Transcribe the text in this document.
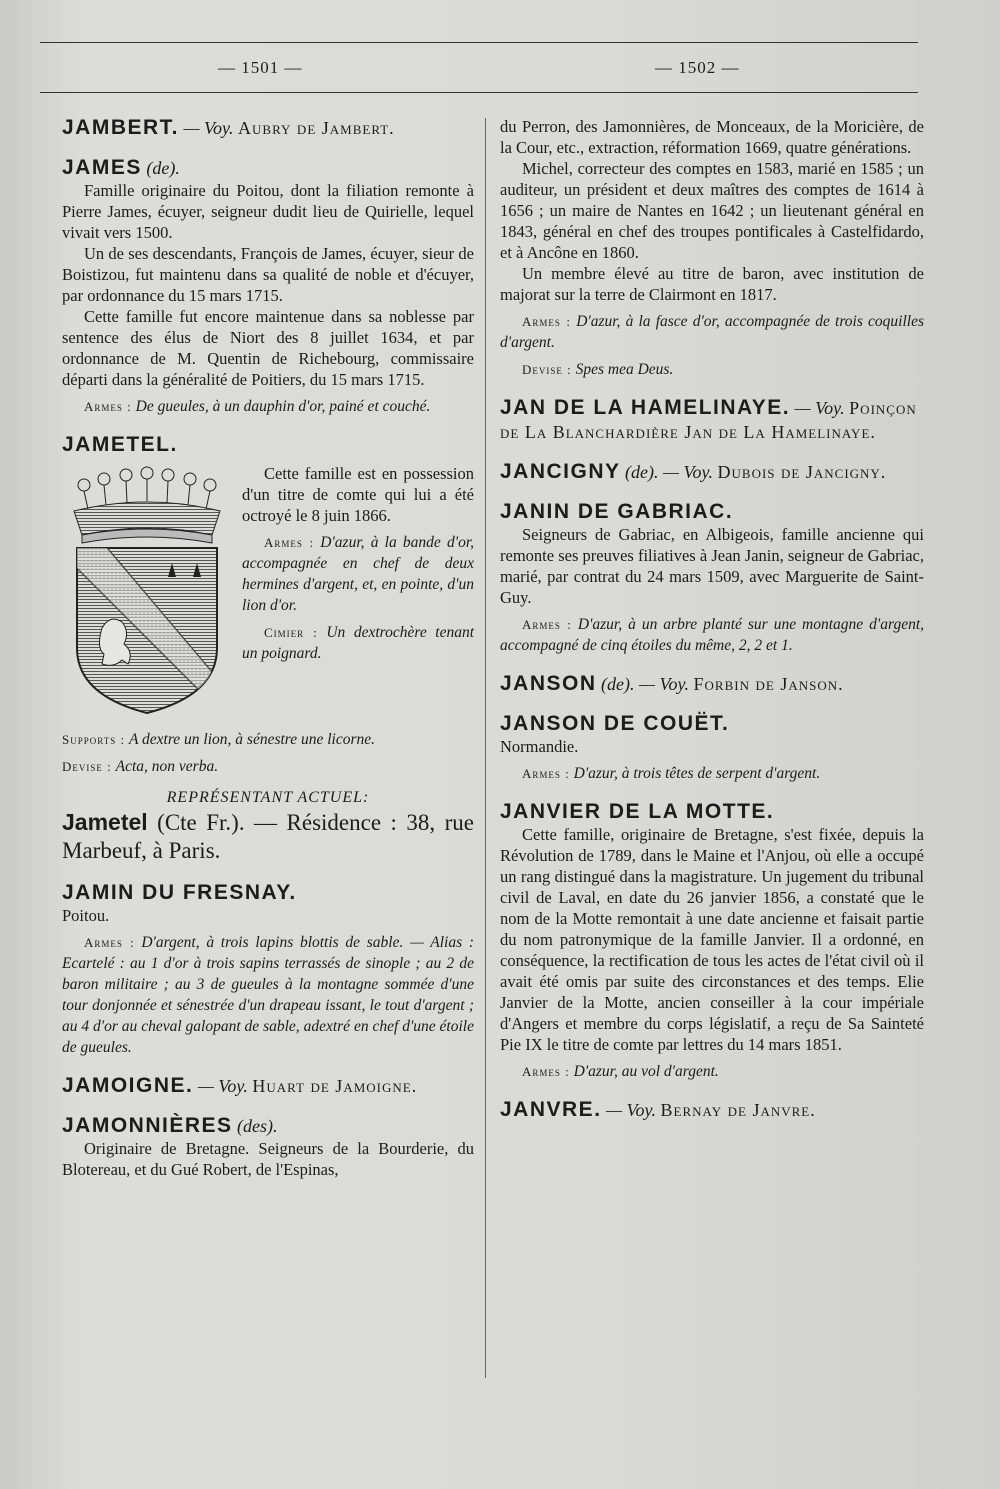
— 1501 —	— 1502 —
JAMBERT. — Voy. Aubry de Jambert.
JAMES (de).

Famille originaire du Poitou, dont la filiation remonte à Pierre James, écuyer, seigneur dudit lieu de Quirielle, lequel vivait vers 1500.

Un de ses descendants, François de James, écuyer, sieur de Boistizou, fut maintenu dans sa qualité de noble et d'écuyer, par ordonnance du 15 mars 1715.

Cette famille fut encore maintenue dans sa noblesse par sentence des élus de Niort des 8 juillet 1634, et par ordonnance de M. Quentin de Richebourg, commissaire départi dans la généralité de Poitiers, du 15 mars 1715.

Armes : De gueules, à un dauphin d'or, painé et couché.

JAMETEL.

Cette famille est en possession d'un titre de comte qui lui a été octroyé le 8 juin 1866.

Armes : D'azur, à la bande d'or, accompagnée en chef de deux hermines d'argent, et, en pointe, d'un lion d'or.

Cimier : Un dextrochère tenant un poignard.

Supports : A dextre un lion, à sénestre une licorne.

Devise : Acta, non verba.

REPRÉSENTANT ACTUEL:

Jametel (Cte Fr.). — Résidence : 38, rue Marbeuf, à Paris.

JAMIN DU FRESNAY.

Poitou.

Armes : D'argent, à trois lapins blottis de sable. — Alias : Ecartelé : au 1 d'or à trois sapins terrassés de sinople ; au 2 de baron militaire ; au 3 de gueules à la montagne sommée d'une tour donjonnée et sénestrée d'un drapeau issant, le tout d'argent ; au 4 d'or au cheval galopant de sable, adextré en chef d'une étoile de gueules.

JAMOIGNE. — Voy. Huart de Jamoigne.
JAMONNIÈRES (des).

Originaire de Bretagne. Seigneurs de la Bourderie, du Blotereau, et du Gué Robert, de l'Espinas,

du Perron, des Jamonnières, de Monceaux, de la Moricière, de la Cour, etc., extraction, réformation 1669, quatre générations.

Michel, correcteur des comptes en 1583, marié en 1585 ; un auditeur, un président et deux maîtres des comptes de 1614 à 1656 ; un maire de Nantes en 1642 ; un lieutenant général en 1843, général en chef des troupes pontificales à Castelfidardo, et à Ancône en 1860.

Un membre élevé au titre de baron, avec institution de majorat sur la terre de Clairmont en 1817.

Armes : D'azur, à la fasce d'or, accompagnée de trois coquilles d'argent.

Devise : Spes mea Deus.

JAN DE LA HAMELINAYE. — Voy. Poinçon de La Blanchardière Jan de La Hamelinaye.
JANCIGNY (de). — Voy. Dubois de Jancigny.
JANIN DE GABRIAC.

Seigneurs de Gabriac, en Albigeois, famille ancienne qui remonte ses preuves filiatives à Jean Janin, seigneur de Gabriac, marié, par contrat du 24 mars 1509, avec Marguerite de Saint-Guy.

Armes : D'azur, à un arbre planté sur une montagne d'argent, accompagné de cinq étoiles du même, 2, 2 et 1.

JANSON (de). — Voy. Forbin de Janson.
JANSON DE COUËT.

Normandie.

Armes : D'azur, à trois têtes de serpent d'argent.

JANVIER DE LA MOTTE.

Cette famille, originaire de Bretagne, s'est fixée, depuis la Révolution de 1789, dans le Maine et l'Anjou, où elle a occupé un rang distingué dans la magistrature. Un jugement du tribunal civil de Laval, en date du 26 janvier 1856, a constaté que le nom de la Motte remontait à une date ancienne et faisait partie du nom patronymique de la famille Janvier. Il a ordonné, en conséquence, la rectification de tous les actes de l'état civil où il avait été omis par suite des circonstances et des temps. Elie Janvier de la Motte, ancien conseiller à la cour impériale d'Angers et membre du corps législatif, a reçu de Sa Sainteté Pie IX le titre de comte par lettres du 14 mars 1851.

Armes : D'azur, au vol d'argent.

JANVRE. — Voy. Bernay de Janvre.
